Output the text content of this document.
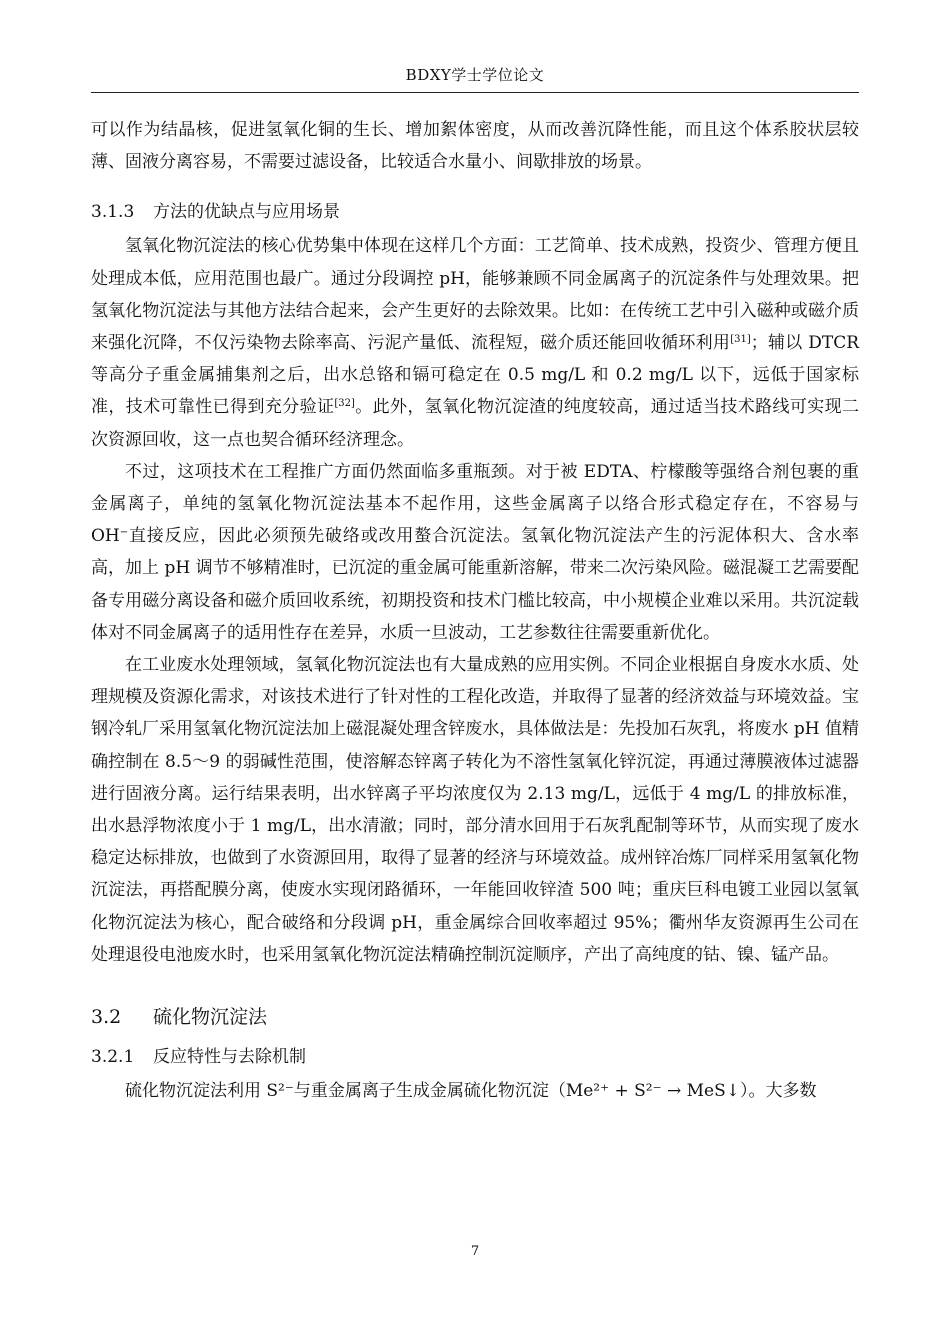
BDXY学士学位论文

可以作为结晶核，促进氢氧化铜的生长、增加絮体密度，从而改善沉降性能，而且这个体系胶状层较薄、固液分离容易，不需要过滤设备，比较适合水量小、间歇排放的场景。

3.1.3 方法的优缺点与应用场景

氢氧化物沉淀法的核心优势集中体现在这样几个方面：工艺简单、技术成熟，投资少、管理方便且处理成本低，应用范围也最广。通过分段调控 pH，能够兼顾不同金属离子的沉淀条件与处理效果。把氢氧化物沉淀法与其他方法结合起来，会产生更好的去除效果。比如：在传统工艺中引入磁种或磁介质来强化沉降，不仅污染物去除率高、污泥产量低、流程短，磁介质还能回收循环利用[31]；辅以 DTCR 等高分子重金属捕集剂之后，出水总铬和镉可稳定在 0.5 mg/L 和 0.2 mg/L 以下，远低于国家标准，技术可靠性已得到充分验证[32]。此外，氢氧化物沉淀渣的纯度较高，通过适当技术路线可实现二次资源回收，这一点也契合循环经济理念。

不过，这项技术在工程推广方面仍然面临多重瓶颈。对于被 EDTA、柠檬酸等强络合剂包裹的重金属离子，单纯的氢氧化物沉淀法基本不起作用，这些金属离子以络合形式稳定存在，不容易与 OH−直接反应，因此必须预先破络或改用螯合沉淀法。氢氧化物沉淀法产生的污泥体积大、含水率高，加上 pH 调节不够精准时，已沉淀的重金属可能重新溶解，带来二次污染风险。磁混凝工艺需要配备专用磁分离设备和磁介质回收系统，初期投资和技术门槛比较高，中小规模企业难以采用。共沉淀载体对不同金属离子的适用性存在差异，水质一旦波动，工艺参数往往需要重新优化。

在工业废水处理领域，氢氧化物沉淀法也有大量成熟的应用实例。不同企业根据自身废水水质、处理规模及资源化需求，对该技术进行了针对性的工程化改造，并取得了显著的经济效益与环境效益。宝钢冷轧厂采用氢氧化物沉淀法加上磁混凝处理含锌废水，具体做法是：先投加石灰乳，将废水 pH 值精确控制在 8.5～9 的弱碱性范围，使溶解态锌离子转化为不溶性氢氧化锌沉淀，再通过薄膜液体过滤器进行固液分离。运行结果表明，出水锌离子平均浓度仅为 2.13 mg/L，远低于 4 mg/L 的排放标准，出水悬浮物浓度小于 1 mg/L，出水清澈；同时，部分清水回用于石灰乳配制等环节，从而实现了废水稳定达标排放，也做到了水资源回用，取得了显著的经济与环境效益。成州锌冶炼厂同样采用氢氧化物沉淀法，再搭配膜分离，使废水实现闭路循环，一年能回收锌渣 500 吨；重庆巨科电镀工业园以氢氧化物沉淀法为核心，配合破络和分段调 pH，重金属综合回收率超过 95%；衢州华友资源再生公司在处理退役电池废水时，也采用氢氧化物沉淀法精确控制沉淀顺序，产出了高纯度的钴、镍、锰产品。

3.2 硫化物沉淀法
3.2.1 反应特性与去除机制

硫化物沉淀法利用 S²⁻与重金属离子生成金属硫化物沉淀（Me²⁺ + S²⁻ → MeS↓）。大多数

7
